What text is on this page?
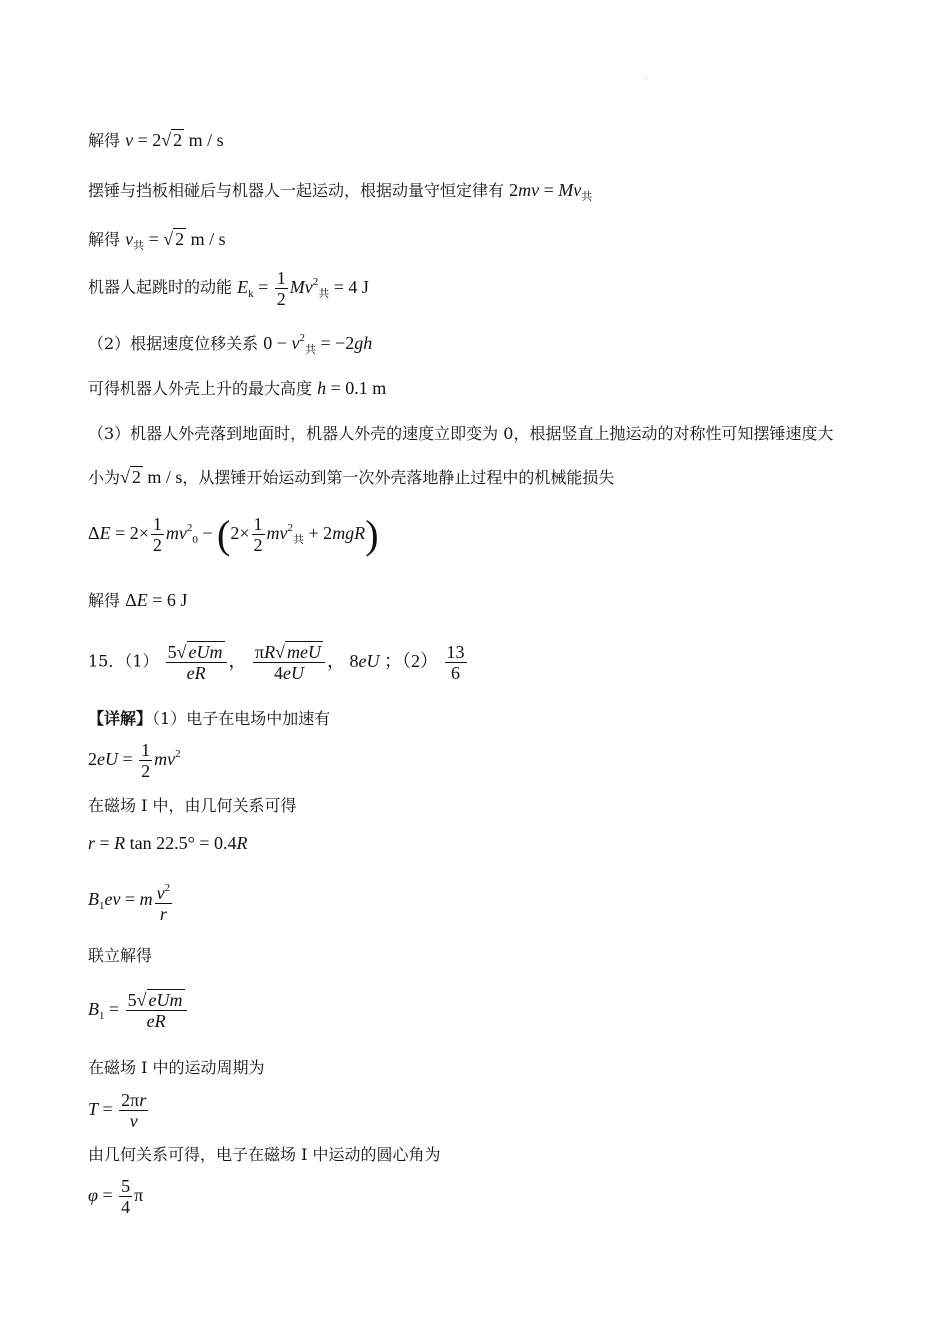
·
解得 v = 2√ 2 m / s
摆锤与挡板相碰后与机器人一起运动，根据动量守恒定律有 $2mv = Mv_共$
解得 $v_共$ = √ 2 m / s
机器人起跳时的动能 $E_k = \frac{1}{2} Mv^2_共 = 4$ J
（2）根据速度位移关系 $0 - v^2_共 = -2gh$
可得机器人外壳上升的最大高度 h = 0.1 m
（3）机器人外壳落到地面时，机器人外壳的速度立即变为 0，根据竖直上抛运动的对称性可知摆锤速度大
小为√ 2 m / s，从摆锤开始运动到第一次外壳落地静止过程中的机械能损失
$\Delta E = 2\times \frac{1}{2} mv^2_0 - (2\times \frac{1}{2} mv^2_共 + 2mgR)$
解得 ΔE = 6 J
15．$(1) \frac{\text{5√ eUm}}{eR}$ ， $\frac{\text{πR√ meU}}{4eU}$ ， 8eU ；$(2) \frac{13}{6}$
【详解】（1）电子在电场中加速有
$2eU = \frac{1}{2} mv^2$
在磁场 I 中，由几何关系可得
r = R tan 22.5° = 0.4R
$B_1ev = m \frac{v^2}{r}$
联立解得
$B_1 = \frac{\text{5√ eUm}}{eR}$
在磁场 I 中的运动周期为
$T = \frac{2\pi r}{v}$
由几何关系可得，电子在磁场 I 中运动的圆心角为
$\varphi = \frac{5}{4}$ π
